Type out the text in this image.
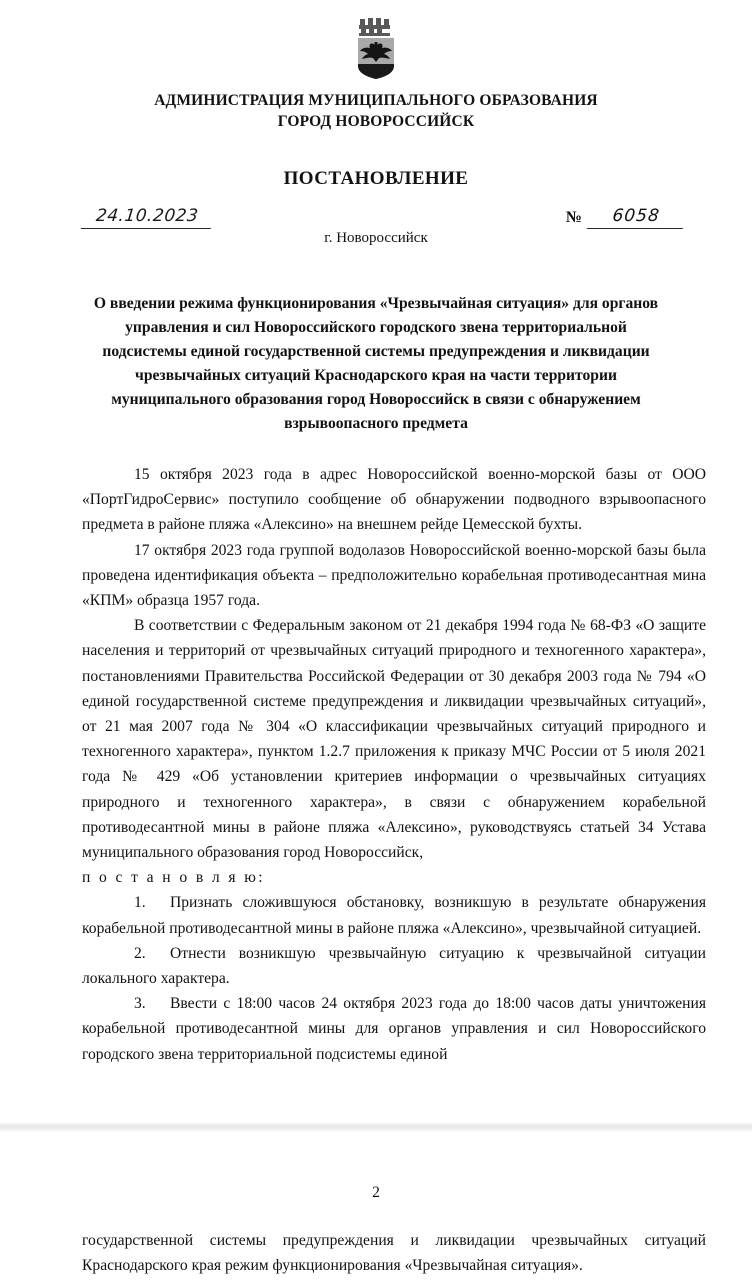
АДМИНИСТРАЦИЯ МУНИЦИПАЛЬНОГО ОБРАЗОВАНИЯ
ГОРОД НОВОРОССИЙСК
ПОСТАНОВЛЕНИЕ
24.10.2023	№	6058
г. Новороссийск
О введении режима функционирования «Чрезвычайная ситуация» для органов управления и сил Новороссийского городского звена территориальной подсистемы единой государственной системы предупреждения и ликвидации чрезвычайных ситуаций Краснодарского края на части территории муниципального образования город Новороссийск в связи с обнаружением взрывоопасного предмета

15 октября 2023 года в адрес Новороссийской военно-морской базы от ООО «ПортГидроСервис» поступило сообщение об обнаружении подводного взрывоопасного предмета в районе пляжа «Алексино» на внешнем рейде Цемесской бухты.

17 октября 2023 года группой водолазов Новороссийской военно-морской базы была проведена идентификация объекта – предположительно корабельная противодесантная мина «КПМ» образца 1957 года.

В соответствии с Федеральным законом от 21 декабря 1994 года № 68-ФЗ «О защите населения и территорий от чрезвычайных ситуаций природного и техногенного характера», постановлениями Правительства Российской Федерации от 30 декабря 2003 года № 794 «О единой государственной системе предупреждения и ликвидации чрезвычайных ситуаций», от 21 мая 2007 года № 304 «О классификации чрезвычайных ситуаций природного и техногенного характера», пунктом 1.2.7 приложения к приказу МЧС России от 5 июля 2021 года № 429 «Об установлении критериев информации о чрезвычайных ситуациях природного и техногенного характера», в связи с обнаружением корабельной противодесантной мины в районе пляжа «Алексино», руководствуясь статьей 34 Устава муниципального образования город Новороссийск,

п о с т а н о в л я ю:

1. Признать сложившуюся обстановку, возникшую в результате обнаружения корабельной противодесантной мины в районе пляжа «Алексино», чрезвычайной ситуацией.

2. Отнести возникшую чрезвычайную ситуацию к чрезвычайной ситуации локального характера.

3. Ввести с 18:00 часов 24 октября 2023 года до 18:00 часов даты уничтожения корабельной противодесантной мины для органов управления и сил Новороссийского городского звена территориальной подсистемы единой

2

государственной системы предупреждения и ликвидации чрезвычайных ситуаций Краснодарского края режим функционирования «Чрезвычайная ситуация».
